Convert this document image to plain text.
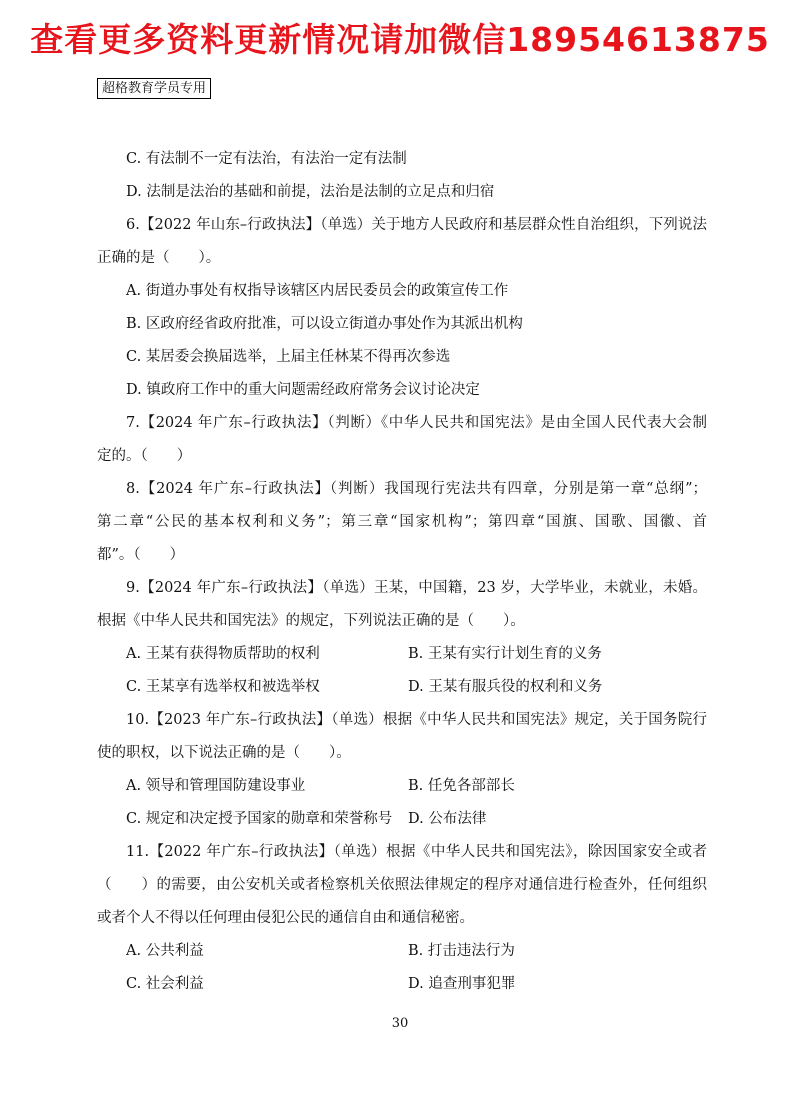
查看更多资料更新情况请加微信18954613875
超格教育学员专用
C. 有法制不一定有法治，有法治一定有法制
D. 法制是法治的基础和前提，法治是法制的立足点和归宿
6.【2022 年山东–行政执法】（单选）关于地方人民政府和基层群众性自治组织，下列说法
正确的是（　　）。
A. 街道办事处有权指导该辖区内居民委员会的政策宣传工作
B. 区政府经省政府批准，可以设立街道办事处作为其派出机构
C. 某居委会换届选举，上届主任林某不得再次参选
D. 镇政府工作中的重大问题需经政府常务会议讨论决定
7.【2024 年广东–行政执法】（判断）《中华人民共和国宪法》是由全国人民代表大会制
定的。（　　）
8.【2024 年广东–行政执法】（判断）我国现行宪法共有四章，分别是第一章“总纲”；
第二章“公民的基本权利和义务”；第三章“国家机构”；第四章“国旗、国歌、国徽、首
都”。（　　）
9.【2024 年广东–行政执法】（单选）王某，中国籍，23 岁，大学毕业，未就业，未婚。
根据《中华人民共和国宪法》的规定，下列说法正确的是（　　）。
A. 王某有获得物质帮助的权利	B. 王某有实行计划生育的义务
C. 王某享有选举权和被选举权	D. 王某有服兵役的权利和义务
10.【2023 年广东–行政执法】（单选）根据《中华人民共和国宪法》规定，关于国务院行
使的职权，以下说法正确的是（　　）。
A. 领导和管理国防建设事业	B. 任免各部部长
C. 规定和决定授予国家的勋章和荣誉称号	D. 公布法律
11.【2022 年广东–行政执法】（单选）根据《中华人民共和国宪法》，除因国家安全或者
（　　）的需要，由公安机关或者检察机关依照法律规定的程序对通信进行检查外，任何组织
或者个人不得以任何理由侵犯公民的通信自由和通信秘密。
A. 公共利益	B. 打击违法行为
C. 社会利益	D. 追查刑事犯罪
30
